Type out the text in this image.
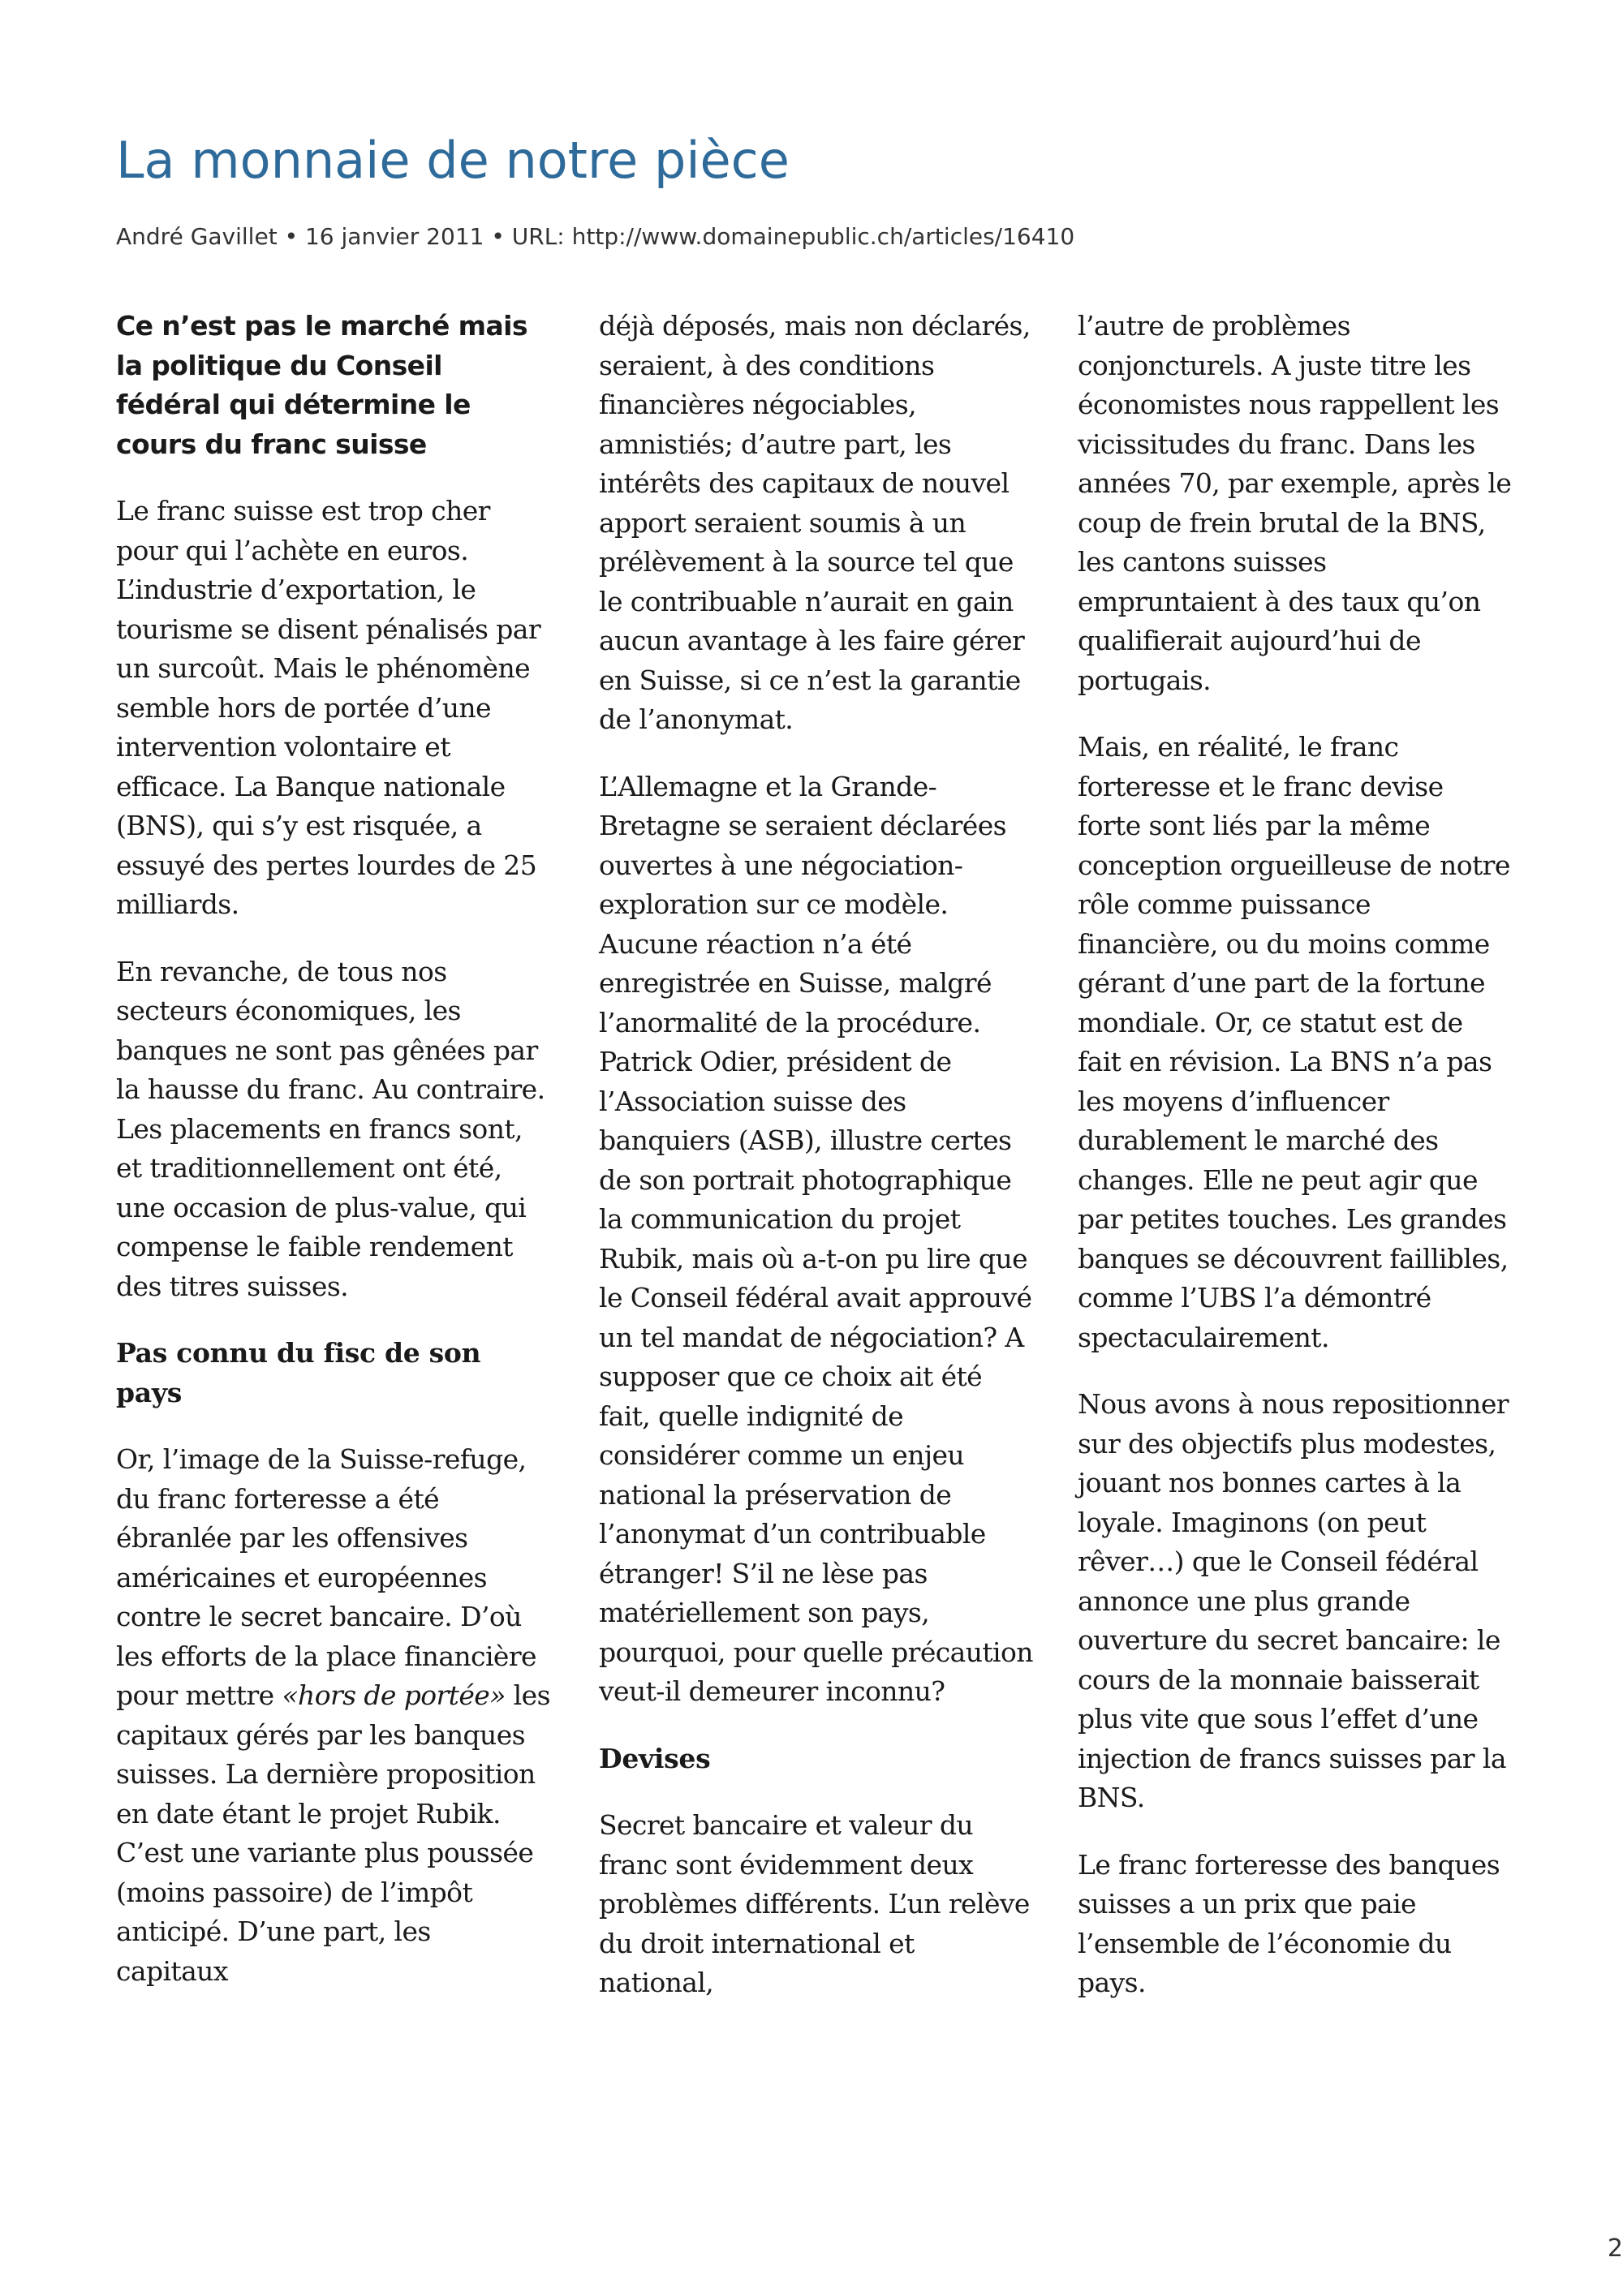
La monnaie de notre pièce

André Gavillet • 16 janvier 2011 • URL: http://www.domainepublic.ch/articles/16410

Ce n’est pas le marché mais la politique du Conseil fédéral qui détermine le cours du franc suisse

Le franc suisse est trop cher pour qui l’achète en euros. L’industrie d’exportation, le tourisme se disent pénalisés par un surcoût. Mais le phénomène semble hors de portée d’une intervention volontaire et efficace. La Banque nationale (BNS), qui s’y est risquée, a essuyé des pertes lourdes de 25 milliards.

En revanche, de tous nos secteurs économiques, les banques ne sont pas gênées par la hausse du franc. Au contraire. Les placements en francs sont, et traditionnellement ont été, une occasion de plus-value, qui compense le faible rendement des titres suisses.

Pas connu du fisc de son pays

Or, l’image de la Suisse-refuge, du franc forteresse a été ébranlée par les offensives américaines et européennes contre le secret bancaire. D’où les efforts de la place financière pour mettre «hors de portée» les capitaux gérés par les banques suisses. La dernière proposition en date étant le projet Rubik. C’est une variante plus poussée (moins passoire) de l’impôt anticipé. D’une part, les capitaux

déjà déposés, mais non déclarés, seraient, à des conditions financières négociables, amnistiés; d’autre part, les intérêts des capitaux de nouvel apport seraient soumis à un prélèvement à la source tel que le contribuable n’aurait en gain aucun avantage à les faire gérer en Suisse, si ce n’est la garantie de l’anonymat.

L’Allemagne et la Grande-Bretagne se seraient déclarées ouvertes à une négociation-exploration sur ce modèle. Aucune réaction n’a été enregistrée en Suisse, malgré l’anormalité de la procédure. Patrick Odier, président de l’Association suisse des banquiers (ASB), illustre certes de son portrait photographique la communication du projet Rubik, mais où a-t-on pu lire que le Conseil fédéral avait approuvé un tel mandat de négociation? A supposer que ce choix ait été fait, quelle indignité de considérer comme un enjeu national la préservation de l’anonymat d’un contribuable étranger! S’il ne lèse pas matériellement son pays, pourquoi, pour quelle précaution veut-il demeurer inconnu?

Devises

Secret bancaire et valeur du franc sont évidemment deux problèmes différents. L’un relève du droit international et national,

l’autre de problèmes conjoncturels. A juste titre les économistes nous rappellent les vicissitudes du franc. Dans les années 70, par exemple, après le coup de frein brutal de la BNS, les cantons suisses empruntaient à des taux qu’on qualifierait aujourd’hui de portugais.

Mais, en réalité, le franc forteresse et le franc devise forte sont liés par la même conception orgueilleuse de notre rôle comme puissance financière, ou du moins comme gérant d’une part de la fortune mondiale. Or, ce statut est de fait en révision. La BNS n’a pas les moyens d’influencer durablement le marché des changes. Elle ne peut agir que par petites touches. Les grandes banques se découvrent faillibles, comme l’UBS l’a démontré spectaculairement.

Nous avons à nous repositionner sur des objectifs plus modestes, jouant nos bonnes cartes à la loyale. Imaginons (on peut rêver…) que le Conseil fédéral annonce une plus grande ouverture du secret bancaire: le cours de la monnaie baisserait plus vite que sous l’effet d’une injection de francs suisses par la BNS.

Le franc forteresse des banques suisses a un prix que paie l’ensemble de l’économie du pays.

2
